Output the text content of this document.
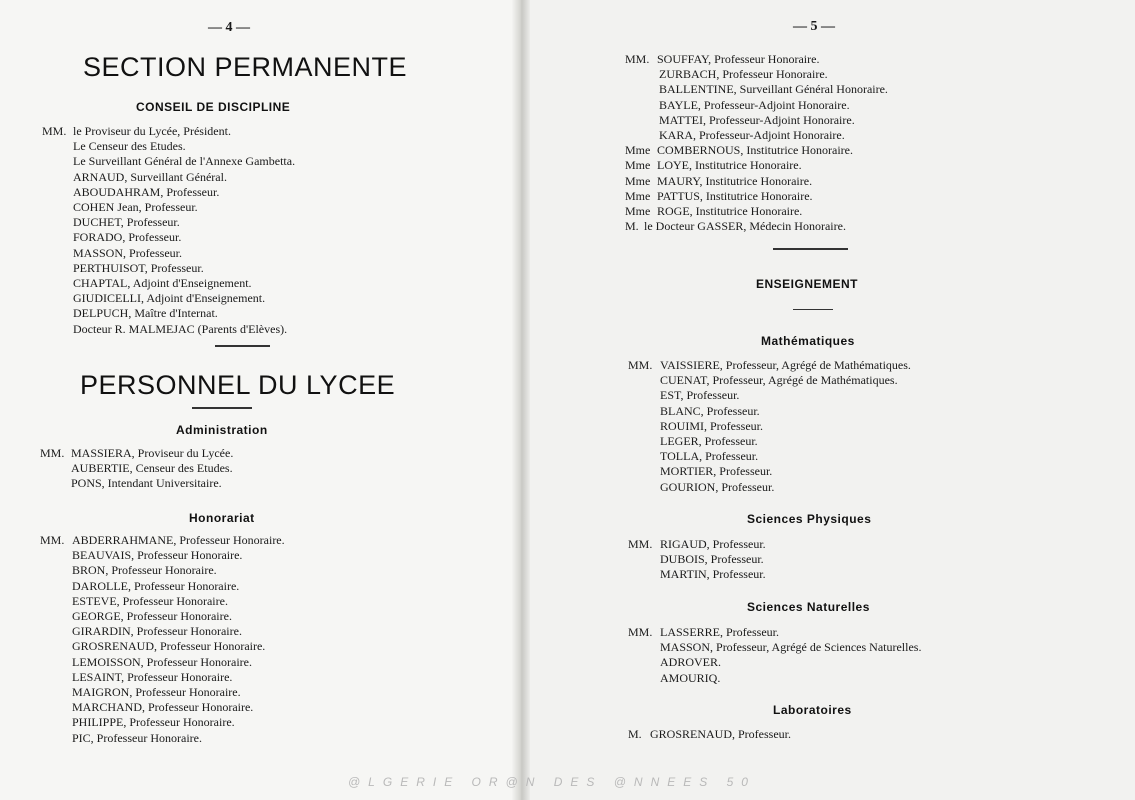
— 4 —
SECTION PERMANENTE
CONSEIL DE DISCIPLINE
MM. le Proviseur du Lycée, Président.
Le Censeur des Etudes.
Le Surveillant Général de l'Annexe Gambetta.
ARNAUD, Surveillant Général.
ABOUDAHRAM, Professeur.
COHEN Jean, Professeur.
DUCHET, Professeur.
FORADO, Professeur.
MASSON, Professeur.
PERTHUISOT, Professeur.
CHAPTAL, Adjoint d'Enseignement.
GIUDICELLI, Adjoint d'Enseignement.
DELPUCH, Maître d'Internat.
Docteur R. MALMEJAC (Parents d'Elèves).
PERSONNEL DU LYCEE
Administration
MM. MASSIERA, Proviseur du Lycée.
AUBERTIE, Censeur des Etudes.
PONS, Intendant Universitaire.
Honorariat
MM. ABDERRAHMANE, Professeur Honoraire.
BEAUVAIS, Professeur Honoraire.
BRON, Professeur Honoraire.
DAROLLE, Professeur Honoraire.
ESTEVE, Professeur Honoraire.
GEORGE, Professeur Honoraire.
GIRARDIN, Professeur Honoraire.
GROSRENAUD, Professeur Honoraire.
LEMOISSON, Professeur Honoraire.
LESAINT, Professeur Honoraire.
MAIGRON, Professeur Honoraire.
MARCHAND, Professeur Honoraire.
PHILIPPE, Professeur Honoraire.
PIC, Professeur Honoraire.
— 5 —
MM. SOUFFAY, Professeur Honoraire.
ZURBACH, Professeur Honoraire.
BALLENTINE, Surveillant Général Honoraire.
BAYLE, Professeur-Adjoint Honoraire.
MATTEI, Professeur-Adjoint Honoraire.
KARA, Professeur-Adjoint Honoraire.
Mme COMBERNOUS, Institutrice Honoraire.
Mme LOYE, Institutrice Honoraire.
Mme MAURY, Institutrice Honoraire.
Mme PATTUS, Institutrice Honoraire.
Mme ROGE, Institutrice Honoraire.
M. le Docteur GASSER, Médecin Honoraire.
ENSEIGNEMENT
Mathématiques
MM. VAISSIERE, Professeur, Agrégé de Mathématiques.
CUENAT, Professeur, Agrégé de Mathématiques.
EST, Professeur.
BLANC, Professeur.
ROUIMI, Professeur.
LEGER, Professeur.
TOLLA, Professeur.
MORTIER, Professeur.
GOURION, Professeur.
Sciences Physiques
MM. RIGAUD, Professeur.
DUBOIS, Professeur.
MARTIN, Professeur.
Sciences Naturelles
MM. LASSERRE, Professeur.
MASSON, Professeur, Agrégé de Sciences Naturelles.
ADROVER.
AMOURIQ.
Laboratoires
M. GROSRENAUD, Professeur.
@LGERIE OR@N DES @NNEES 50
